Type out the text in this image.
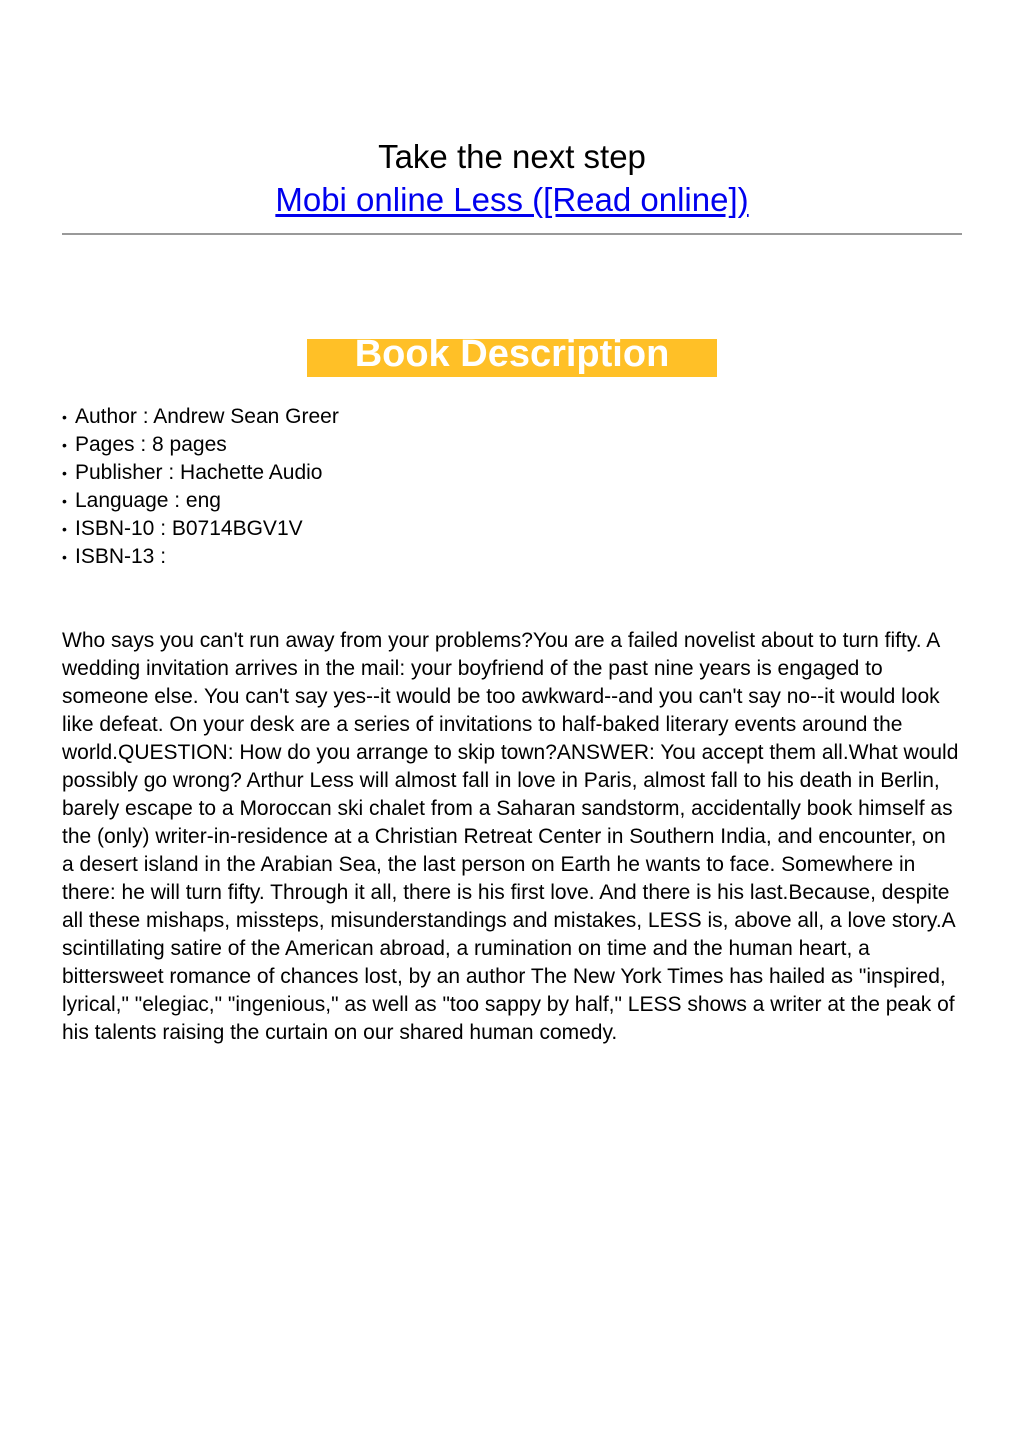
Take the next step

Mobi online Less ([Read online])
Book Description
• Author : Andrew Sean Greer
• Pages : 8 pages
• Publisher : Hachette Audio
• Language : eng
• ISBN-10 : B0714BGV1V
• ISBN-13 :

Who says you can't run away from your problems?You are a failed novelist about to turn fifty. A wedding invitation arrives in the mail: your boyfriend of the past nine years is engaged to someone else. You can't say yes--it would be too awkward--and you can't say no--it would look like defeat. On your desk are a series of invitations to half-baked literary events around the world.QUESTION: How do you arrange to skip town?ANSWER: You accept them all.What would possibly go wrong? Arthur Less will almost fall in love in Paris, almost fall to his death in Berlin, barely escape to a Moroccan ski chalet from a Saharan sandstorm, accidentally book himself as the (only) writer-in-residence at a Christian Retreat Center in Southern India, and encounter, on a desert island in the Arabian Sea, the last person on Earth he wants to face. Somewhere in there: he will turn fifty. Through it all, there is his first love. And there is his last.Because, despite all these mishaps, missteps, misunderstandings and mistakes, LESS is, above all, a love story.A scintillating satire of the American abroad, a rumination on time and the human heart, a bittersweet romance of chances lost, by an author The New York Times has hailed as "inspired, lyrical," "elegiac," "ingenious," as well as "too sappy by half," LESS shows a writer at the peak of his talents raising the curtain on our shared human comedy.
